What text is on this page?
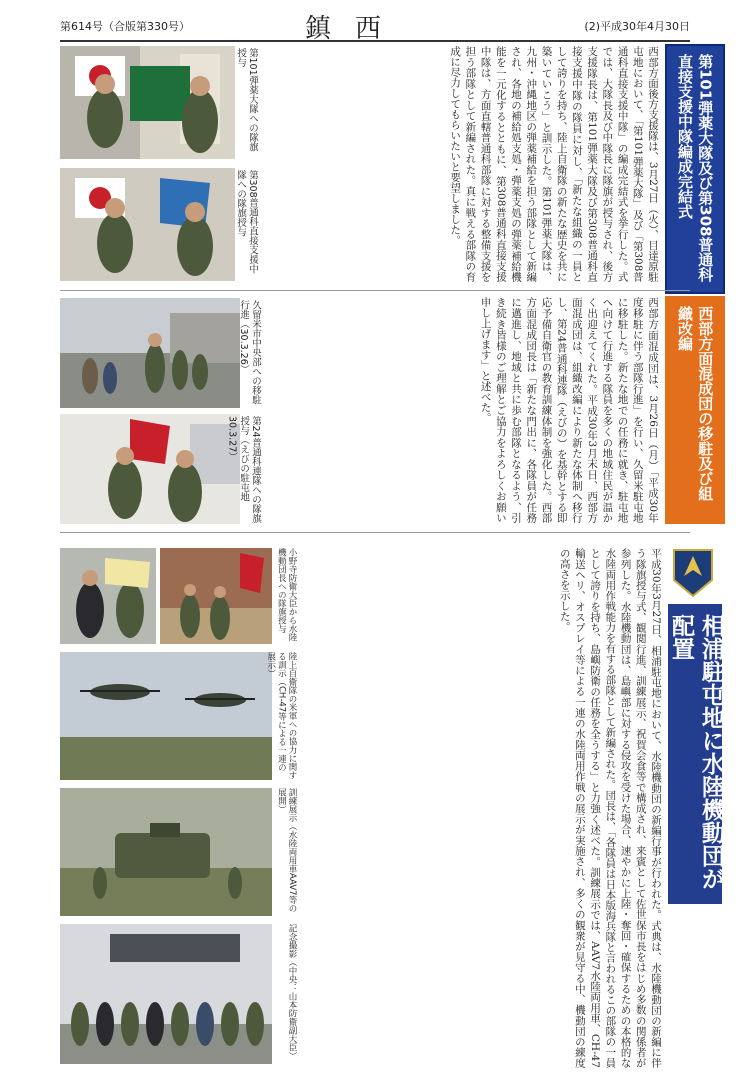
第614号（合版第330号）	鎮西	(2)平成30年4月30日
第101弾薬大隊及び第308普通科直接支援中隊編成完結式
西部方面後方支援隊は、3月27日（火）、目達原駐屯地において、「第101弾薬大隊」及び「第308普通科直接支援中隊」の編成完結式を挙行した。式では、大隊長及び中隊長に隊旗が授与され、後方支援隊長は、第101弾薬大隊及び第308普通科直接支援中隊の隊員に対し、「新たな組織の一員として誇りを持ち、陸上自衛隊の新たな歴史を共に築いていこう」と訓示した。第101弾薬大隊は、九州・沖縄地区の弾薬補給を担う部隊として新編され、各地の補給処支処・弾薬支処の弾薬補給機能を一元化するとともに、第308普通科直接支援中隊は、方面直轄普通科部隊に対する整備支援を担う部隊として新編された。真に戦える部隊の育成に尽力してもらいたいと要望しました。
第101弾薬大隊への隊旗授与
第308普通科直接支援中隊への隊旗授与
西部方面混成団の移駐及び組織改編
西部方面混成団は、3月26日（月）「平成30年度移駐に伴う部隊行進」を行い、久留米駐屯地に移駐した。新たな地での任務に就き、駐屯地へ向けて行進する隊員を多くの地域住民が温かく出迎えてくれた。平成30年3月末日、西部方面混成団は、組織改編により新たな体制へ移行し、第24普通科連隊（えびの）を基幹とする即応予備自衛官の教育訓練体制を強化した。西部方面混成団長は「新たな門出に、各隊員が任務に邁進し、地域と共に歩む部隊となるよう、引き続き皆様のご理解とご協力をよろしくお願い申し上げます」と述べた。
久留米市中央部への移駐行進（30.3.26）
第24普通科連隊への隊旗授与（えびの駐屯地30.3.27）
相浦駐屯地に水陸機動団が配置
平成30年3月27日、相浦駐屯地において、水陸機動団の新編行事が行われた。式典は、水陸機動団の新編に伴う隊旗授与式、観閲行進、訓練展示、祝賀会食等で構成され、来賓として佐世保市長をはじめ多数の関係者が参列した。水陸機動団は、島嶼部に対する侵攻を受けた場合、速やかに上陸・奪回・確保するための本格的な水陸両用作戦能力を有する部隊として新編された。団長は、「各隊員は日本版海兵隊と言われるこの部隊の一員として誇りを持ち、島嶼防衛の任務を全うする」と力強く述べた。訓練展示では、AAV7水陸両用車、CH-47輸送ヘリ、オスプレイ等による一連の水陸両用作戦の展示が実施され、多くの観衆が見守る中、機動団の練度の高さを示した。
小野寺防衛大臣から水陸機動団長への隊旗授与
陸上自衛隊の米軍への協力に関する訓示（CH-47等による一連の展示）
訓練展示（水陸両用車AAV7等の展開）
記念撮影（中央：山本防衛副大臣）
